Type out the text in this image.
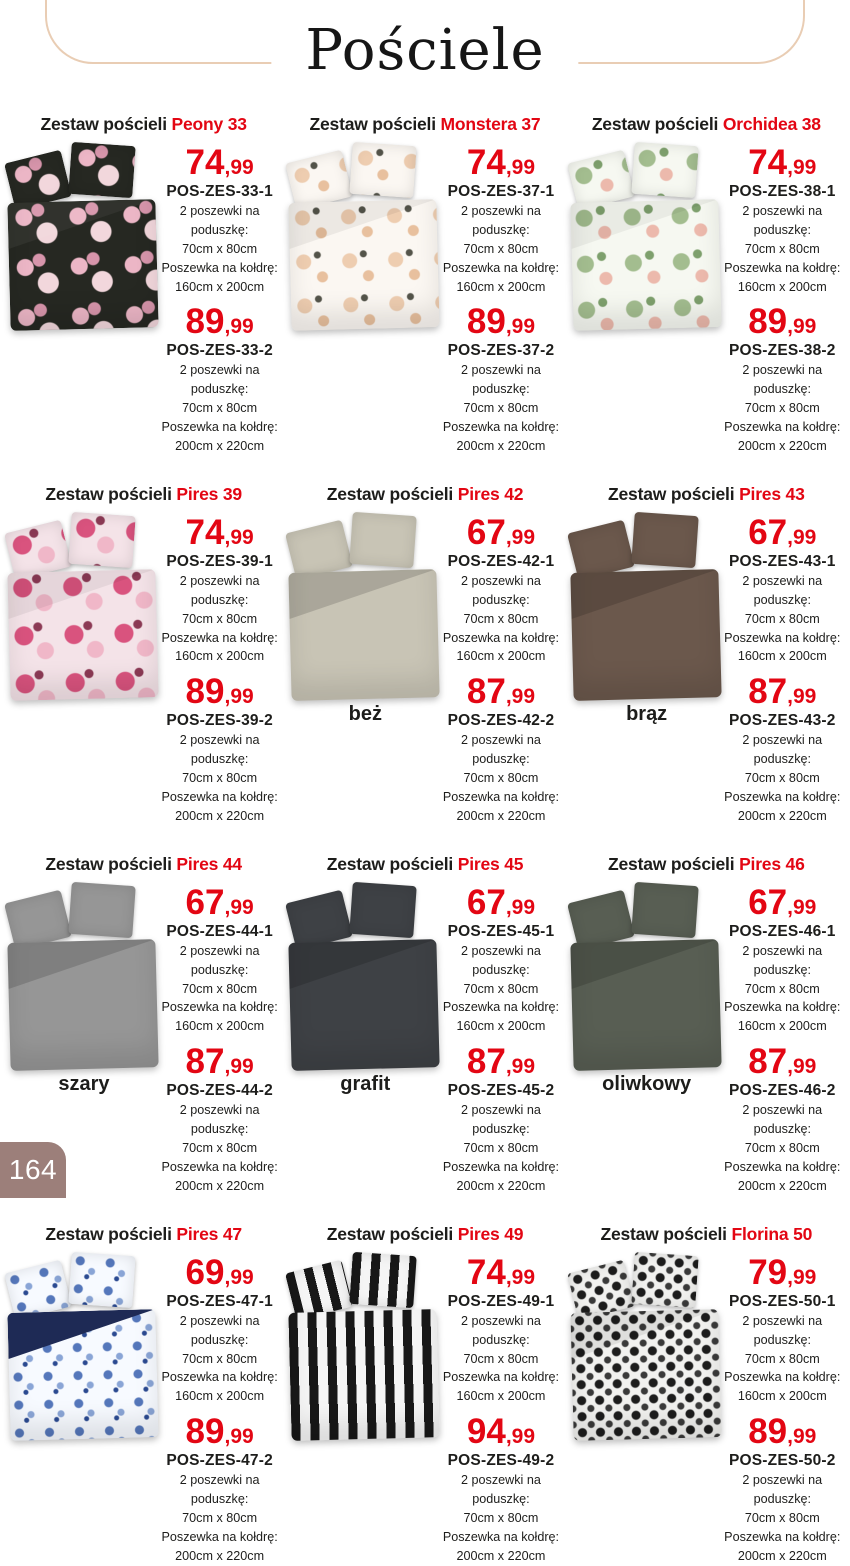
Pościele
Zestaw pościeli Peony 33
74,99
POS-ZES-33-1
2 poszewki na poduszkę:
70cm x 80cm
Poszewka na kołdrę:
160cm x 200cm
89,99
POS-ZES-33-2
2 poszewki na poduszkę:
70cm x 80cm
Poszewka na kołdrę:
200cm x 220cm
Zestaw pościeli Monstera 37
74,99
POS-ZES-37-1
2 poszewki na poduszkę:
70cm x 80cm
Poszewka na kołdrę:
160cm x 200cm
89,99
POS-ZES-37-2
2 poszewki na poduszkę:
70cm x 80cm
Poszewka na kołdrę:
200cm x 220cm
Zestaw pościeli Orchidea 38
74,99
POS-ZES-38-1
2 poszewki na poduszkę:
70cm x 80cm
Poszewka na kołdrę:
160cm x 200cm
89,99
POS-ZES-38-2
2 poszewki na poduszkę:
70cm x 80cm
Poszewka na kołdrę:
200cm x 220cm
Zestaw pościeli Pires 39
74,99
POS-ZES-39-1
2 poszewki na poduszkę:
70cm x 80cm
Poszewka na kołdrę:
160cm x 200cm
89,99
POS-ZES-39-2
2 poszewki na poduszkę:
70cm x 80cm
Poszewka na kołdrę:
200cm x 220cm
Zestaw pościeli Pires 42
beż
67,99
POS-ZES-42-1
2 poszewki na poduszkę:
70cm x 80cm
Poszewka na kołdrę:
160cm x 200cm
87,99
POS-ZES-42-2
2 poszewki na poduszkę:
70cm x 80cm
Poszewka na kołdrę:
200cm x 220cm
Zestaw pościeli Pires 43
brąz
67,99
POS-ZES-43-1
2 poszewki na poduszkę:
70cm x 80cm
Poszewka na kołdrę:
160cm x 200cm
87,99
POS-ZES-43-2
2 poszewki na poduszkę:
70cm x 80cm
Poszewka na kołdrę:
200cm x 220cm
Zestaw pościeli Pires 44
szary
67,99
POS-ZES-44-1
2 poszewki na poduszkę:
70cm x 80cm
Poszewka na kołdrę:
160cm x 200cm
87,99
POS-ZES-44-2
2 poszewki na poduszkę:
70cm x 80cm
Poszewka na kołdrę:
200cm x 220cm
Zestaw pościeli Pires 45
grafit
67,99
POS-ZES-45-1
2 poszewki na poduszkę:
70cm x 80cm
Poszewka na kołdrę:
160cm x 200cm
87,99
POS-ZES-45-2
2 poszewki na poduszkę:
70cm x 80cm
Poszewka na kołdrę:
200cm x 220cm
Zestaw pościeli Pires 46
oliwkowy
67,99
POS-ZES-46-1
2 poszewki na poduszkę:
70cm x 80cm
Poszewka na kołdrę:
160cm x 200cm
87,99
POS-ZES-46-2
2 poszewki na poduszkę:
70cm x 80cm
Poszewka na kołdrę:
200cm x 220cm
Zestaw pościeli Pires 47
69,99
POS-ZES-47-1
2 poszewki na poduszkę:
70cm x 80cm
Poszewka na kołdrę:
160cm x 200cm
89,99
POS-ZES-47-2
2 poszewki na poduszkę:
70cm x 80cm
Poszewka na kołdrę:
200cm x 220cm
Zestaw pościeli Pires 49
74,99
POS-ZES-49-1
2 poszewki na poduszkę:
70cm x 80cm
Poszewka na kołdrę:
160cm x 200cm
94,99
POS-ZES-49-2
2 poszewki na poduszkę:
70cm x 80cm
Poszewka na kołdrę:
200cm x 220cm
Zestaw pościeli Florina 50
79,99
POS-ZES-50-1
2 poszewki na poduszkę:
70cm x 80cm
Poszewka na kołdrę:
160cm x 200cm
89,99
POS-ZES-50-2
2 poszewki na poduszkę:
70cm x 80cm
Poszewka na kołdrę:
200cm x 220cm
164
